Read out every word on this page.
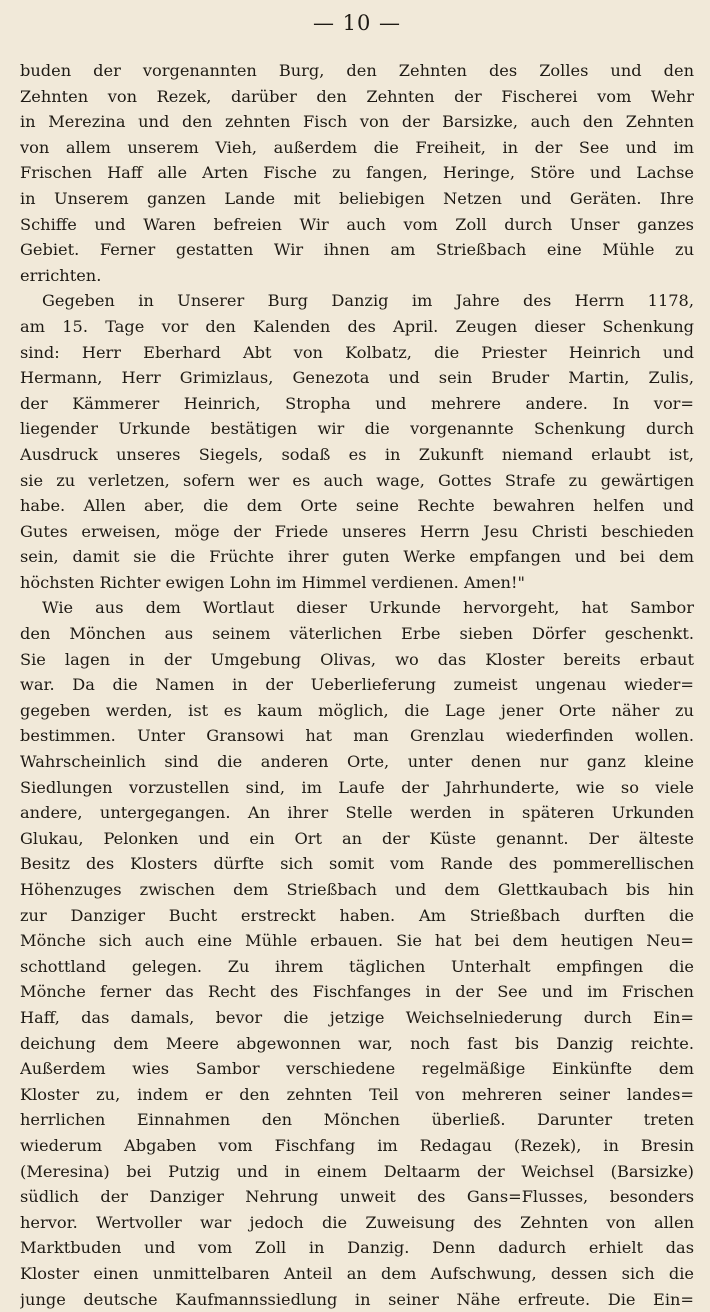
— 10 —
buden der vorgenannten Burg, den Zehnten des Zolles und den
Zehnten von Rezek, darüber den Zehnten der Fischerei vom Wehr
in Merezina und den zehnten Fisch von der Barsizke, auch den Zehnten
von allem unserem Vieh, außerdem die Freiheit, in der See und im
Frischen Haff alle Arten Fische zu fangen, Heringe, Störe und Lachse
in Unserem ganzen Lande mit beliebigen Netzen und Geräten. Ihre
Schiffe und Waren befreien Wir auch vom Zoll durch Unser ganzes
Gebiet. Ferner gestatten Wir ihnen am Strießbach eine Mühle zu
errichten.
Gegeben in Unserer Burg Danzig im Jahre des Herrn 1178,
am 15. Tage vor den Kalenden des April. Zeugen dieser Schenkung
sind: Herr Eberhard Abt von Kolbatz, die Priester Heinrich und
Hermann, Herr Grimizlaus, Genezota und sein Bruder Martin, Zulis,
der Kämmerer Heinrich, Stropha und mehrere andere. In vor=
liegender Urkunde bestätigen wir die vorgenannte Schenkung durch
Ausdruck unseres Siegels, sodaß es in Zukunft niemand erlaubt ist,
sie zu verletzen, sofern wer es auch wage, Gottes Strafe zu gewärtigen
habe. Allen aber, die dem Orte seine Rechte bewahren helfen und
Gutes erweisen, möge der Friede unseres Herrn Jesu Christi beschieden
sein, damit sie die Früchte ihrer guten Werke empfangen und bei dem
höchsten Richter ewigen Lohn im Himmel verdienen. Amen!"
Wie aus dem Wortlaut dieser Urkunde hervorgeht, hat Sambor
den Mönchen aus seinem väterlichen Erbe sieben Dörfer geschenkt.
Sie lagen in der Umgebung Olivas, wo das Kloster bereits erbaut
war. Da die Namen in der Ueberlieferung zumeist ungenau wieder=
gegeben werden, ist es kaum möglich, die Lage jener Orte näher zu
bestimmen. Unter Gransowi hat man Grenzlau wiederfinden wollen.
Wahrscheinlich sind die anderen Orte, unter denen nur ganz kleine
Siedlungen vorzustellen sind, im Laufe der Jahrhunderte, wie so viele
andere, untergegangen. An ihrer Stelle werden in späteren Urkunden
Glukau, Pelonken und ein Ort an der Küste genannt. Der älteste
Besitz des Klosters dürfte sich somit vom Rande des pommerellischen
Höhenzuges zwischen dem Strießbach und dem Glettkaubach bis hin
zur Danziger Bucht erstreckt haben. Am Strießbach durften die
Mönche sich auch eine Mühle erbauen. Sie hat bei dem heutigen Neu=
schottland gelegen. Zu ihrem täglichen Unterhalt empfingen die
Mönche ferner das Recht des Fischfanges in der See und im Frischen
Haff, das damals, bevor die jetzige Weichselniederung durch Ein=
deichung dem Meere abgewonnen war, noch fast bis Danzig reichte.
Außerdem wies Sambor verschiedene regelmäßige Einkünfte dem
Kloster zu, indem er den zehnten Teil von mehreren seiner landes=
herrlichen Einnahmen den Mönchen überließ. Darunter treten
wiederum Abgaben vom Fischfang im Redagau (Rezek), in Bresin
(Meresina) bei Putzig und in einem Deltaarm der Weichsel (Barsizke)
südlich der Danziger Nehrung unweit des Gans=Flusses, besonders
hervor. Wertvoller war jedoch die Zuweisung des Zehnten von allen
Marktbuden und vom Zoll in Danzig. Denn dadurch erhielt das
Kloster einen unmittelbaren Anteil an dem Aufschwung, dessen sich die
junge deutsche Kaufmannssiedlung in seiner Nähe erfreute. Die Ein=
